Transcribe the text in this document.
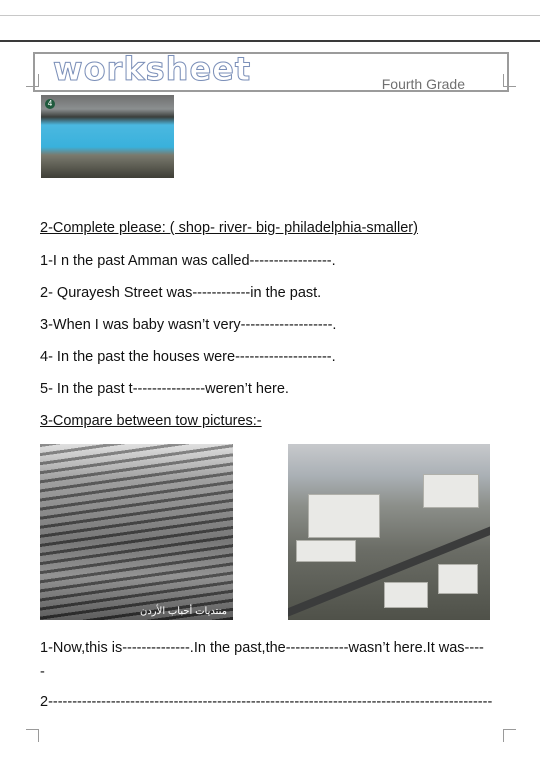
worksheet	Fourth Grade
4
2-Complete please: ( shop- river- big- philadelphia-smaller)
1-I n the past Amman was called-----------------.
2- Qurayesh Street was------------in the past.
3-When I was baby wasn’t very-------------------.
4- In the past the houses were--------------------.
5- In the past t---------------weren’t here.
3-Compare between tow pictures:-
منتديات أحباب الأردن
1-Now,this is--------------.In the past,the-------------wasn’t here.It was----
-
2--------------------------------------------------------------------------------------------
